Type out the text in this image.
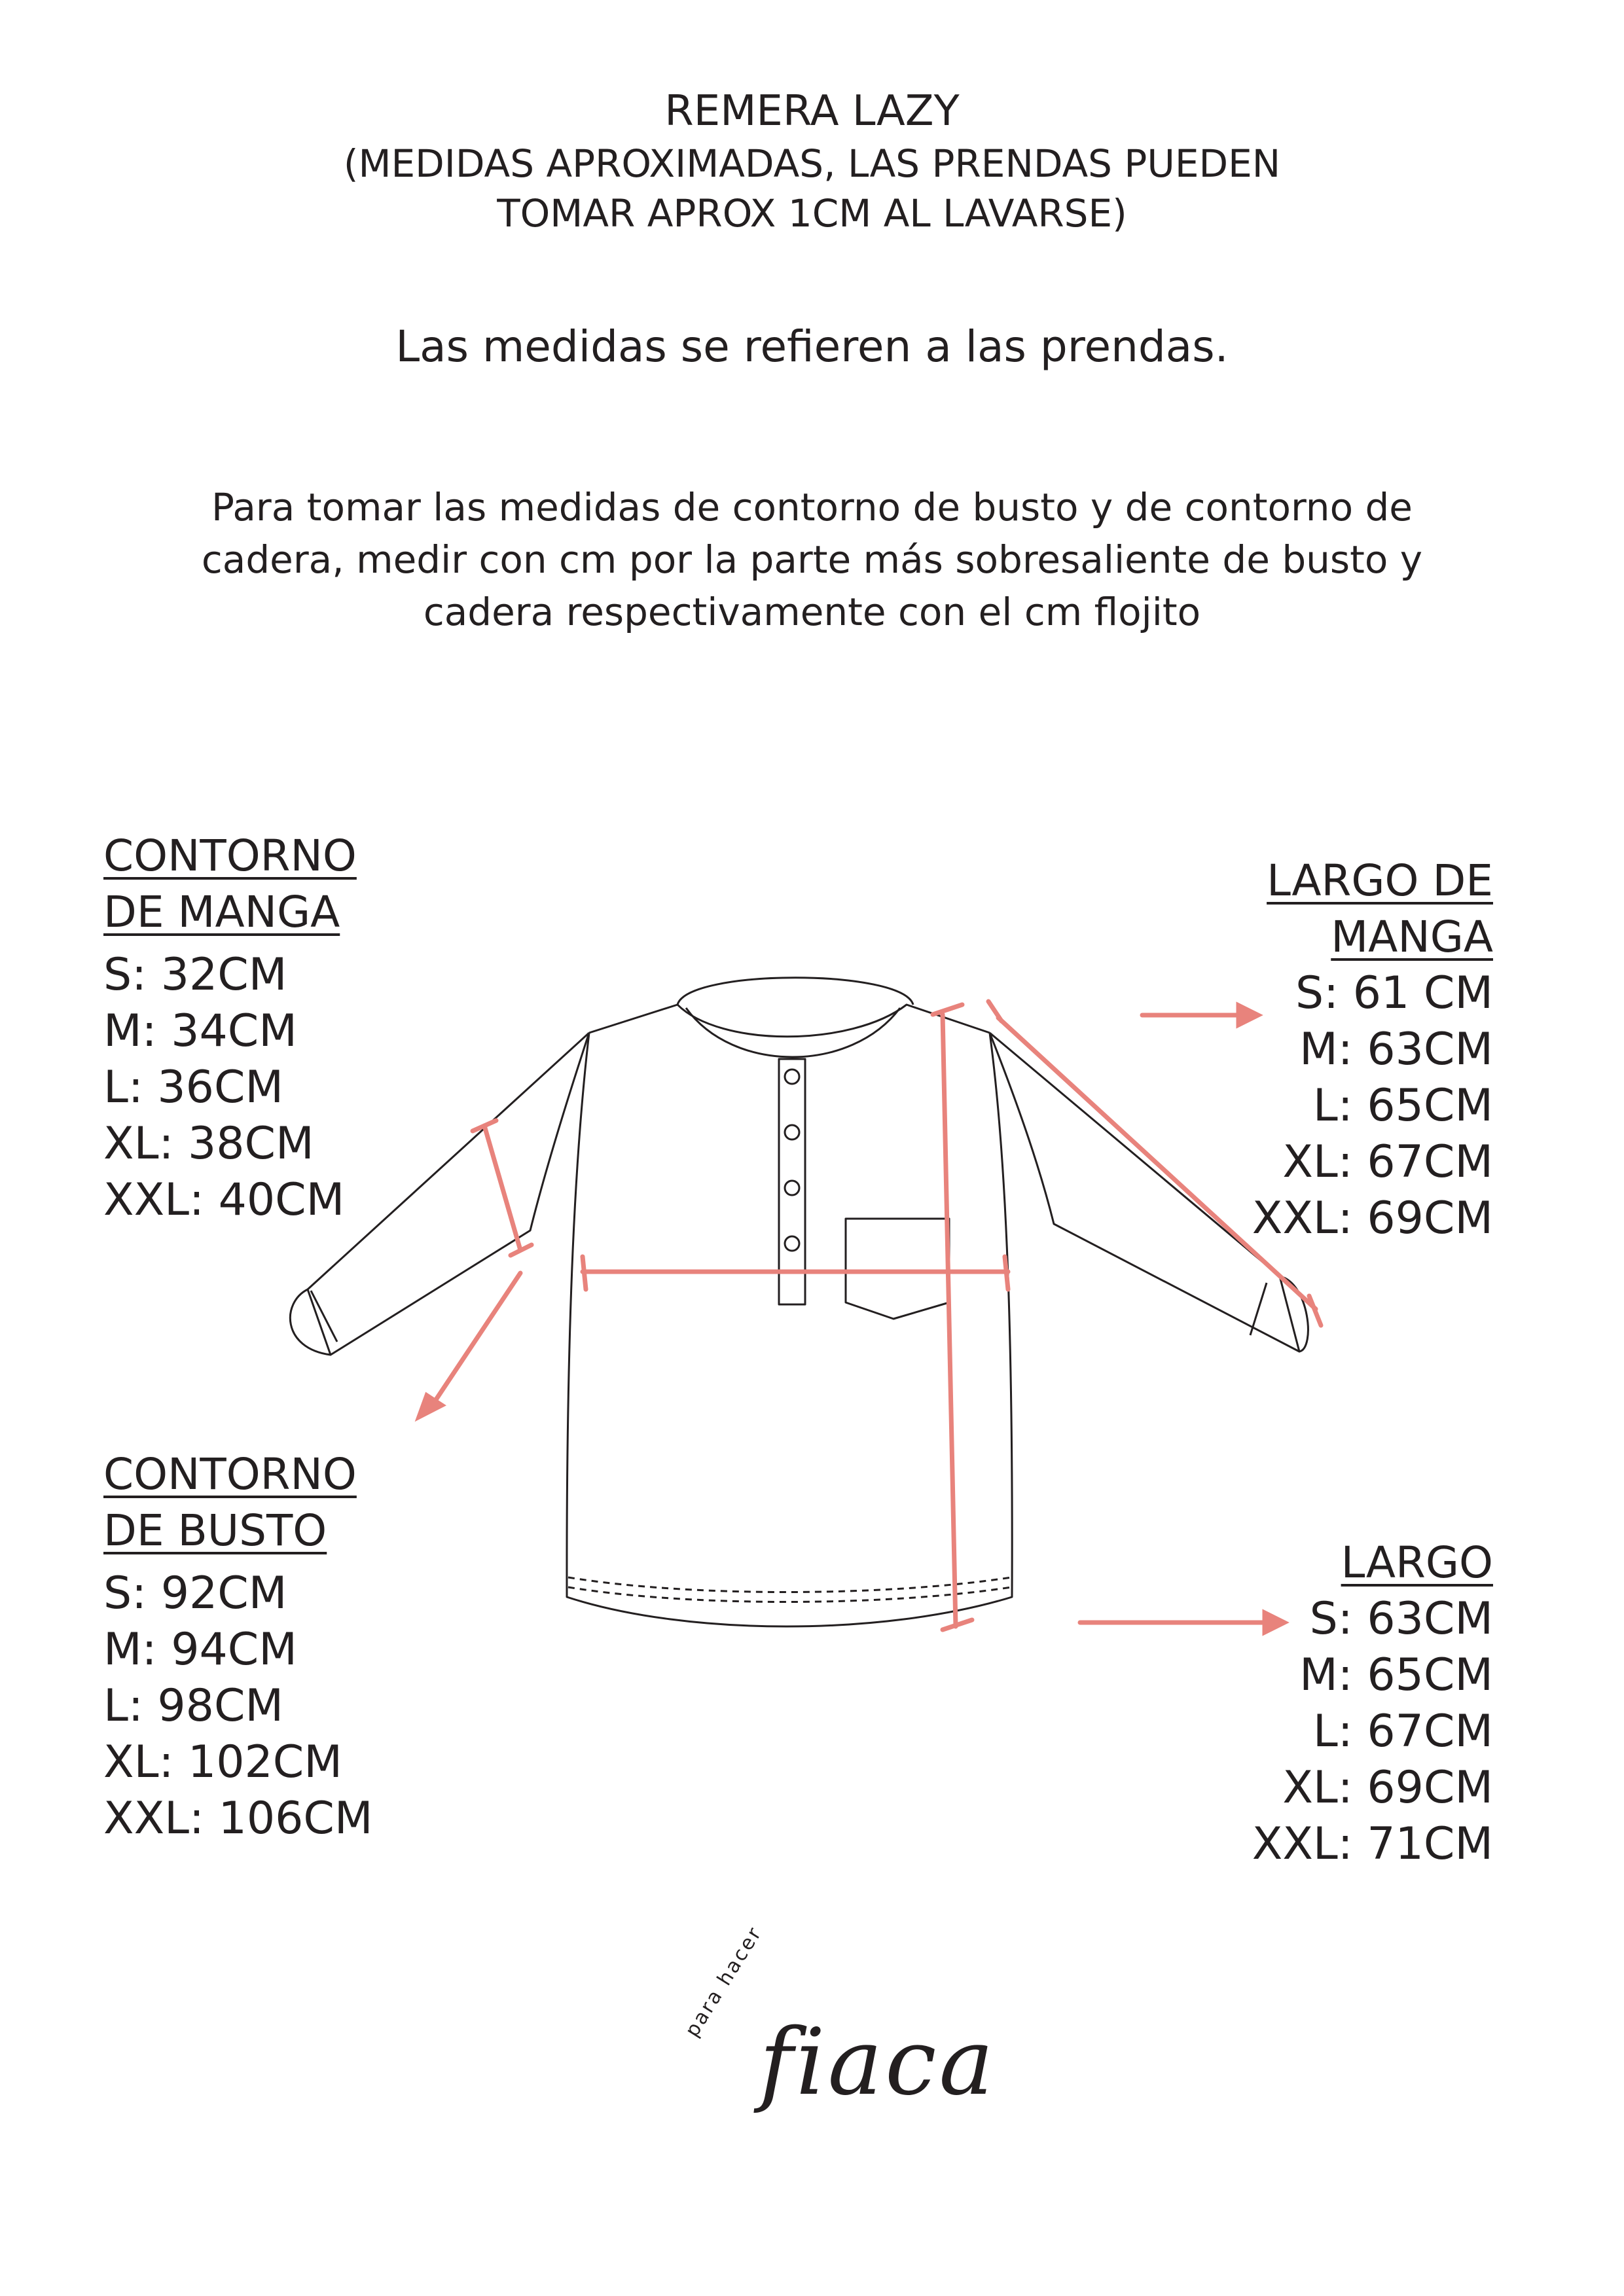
REMERA LAZY
(MEDIDAS APROXIMADAS, LAS PRENDAS PUEDEN
TOMAR APROX 1CM AL LAVARSE)
Las medidas se refieren a las prendas.
Para tomar las medidas de contorno de busto y de contorno de
cadera, medir con cm por la parte más sobresaliente de busto y
cadera respectivamente con el cm flojito
CONTORNO
DE MANGA
S: 32CM
M: 34CM
L: 36CM
XL: 38CM
XXL: 40CM
CONTORNO
DE BUSTO
S: 92CM
M: 94CM
L: 98CM
XL: 102CM
XXL: 106CM
LARGO DE
MANGA
S: 61 CM
M: 63CM
L: 65CM
XL: 67CM
XXL: 69CM
LARGO
S: 63CM
M: 65CM
L: 67CM
XL: 69CM
XXL: 71CM
para hacer
fiaca
